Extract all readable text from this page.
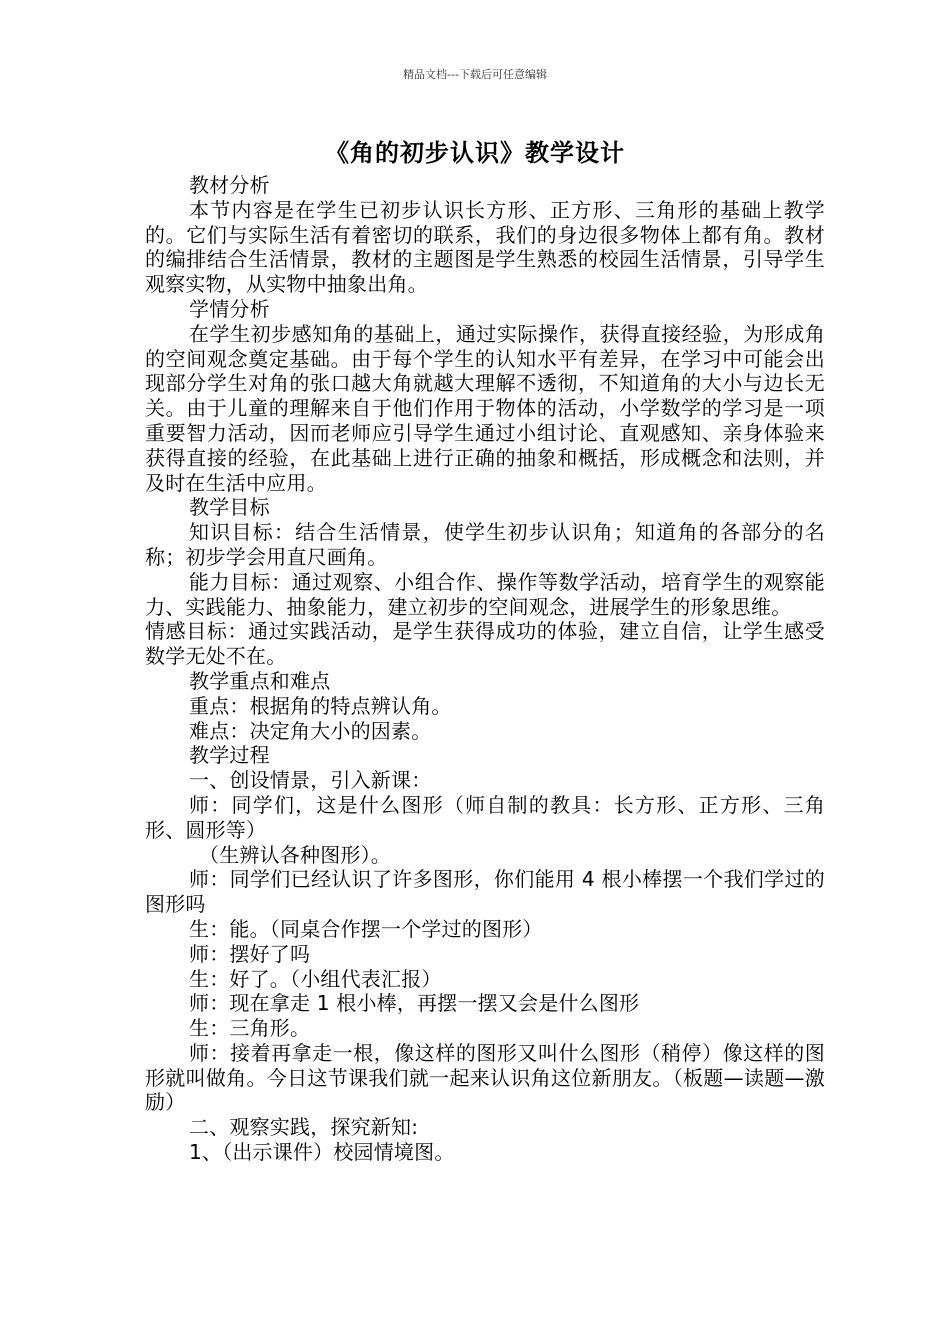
精品文档---下载后可任意编辑
《角的初步认识》教学设计

教材分析

本节内容是在学生已初步认识长方形、正方形、三角形的基础上教学的。它们与实际生活有着密切的联系，我们的身边很多物体上都有角。教材的编排结合生活情景，教材的主题图是学生熟悉的校园生活情景，引导学生观察实物，从实物中抽象出角。

学情分析

在学生初步感知角的基础上，通过实际操作，获得直接经验，为形成角的空间观念奠定基础。由于每个学生的认知水平有差异，在学习中可能会出现部分学生对角的张口越大角就越大理解不透彻，不知道角的大小与边长无关。由于儿童的理解来自于他们作用于物体的活动，小学数学的学习是一项重要智力活动，因而老师应引导学生通过小组讨论、直观感知、亲身体验来获得直接的经验，在此基础上进行正确的抽象和概括，形成概念和法则，并及时在生活中应用。

教学目标

知识目标：结合生活情景，使学生初步认识角；知道角的各部分的名称；初步学会用直尺画角。

能力目标：通过观察、小组合作、操作等数学活动，培育学生的观察能力、实践能力、抽象能力，建立初步的空间观念，进展学生的形象思维。

情感目标：通过实践活动，是学生获得成功的体验，建立自信，让学生感受数学无处不在。

教学重点和难点

重点：根据角的特点辨认角。

难点：决定角大小的因素。

教学过程

一、创设情景，引入新课：

师：同学们，这是什么图形（师自制的教具：长方形、正方形、三角形、圆形等）

（生辨认各种图形）。

师：同学们已经认识了许多图形，你们能用 4 根小棒摆一个我们学过的图形吗

生：能。（同桌合作摆一个学过的图形）

师：摆好了吗

生：好了。（小组代表汇报）

师：现在拿走 1 根小棒，再摆一摆又会是什么图形

生：三角形。

师：接着再拿走一根，像这样的图形又叫什么图形（稍停）像这样的图形就叫做角。今日这节课我们就一起来认识角这位新朋友。（板题—读题—激励）

二、观察实践，探究新知:

1、（出示课件）校园情境图。
